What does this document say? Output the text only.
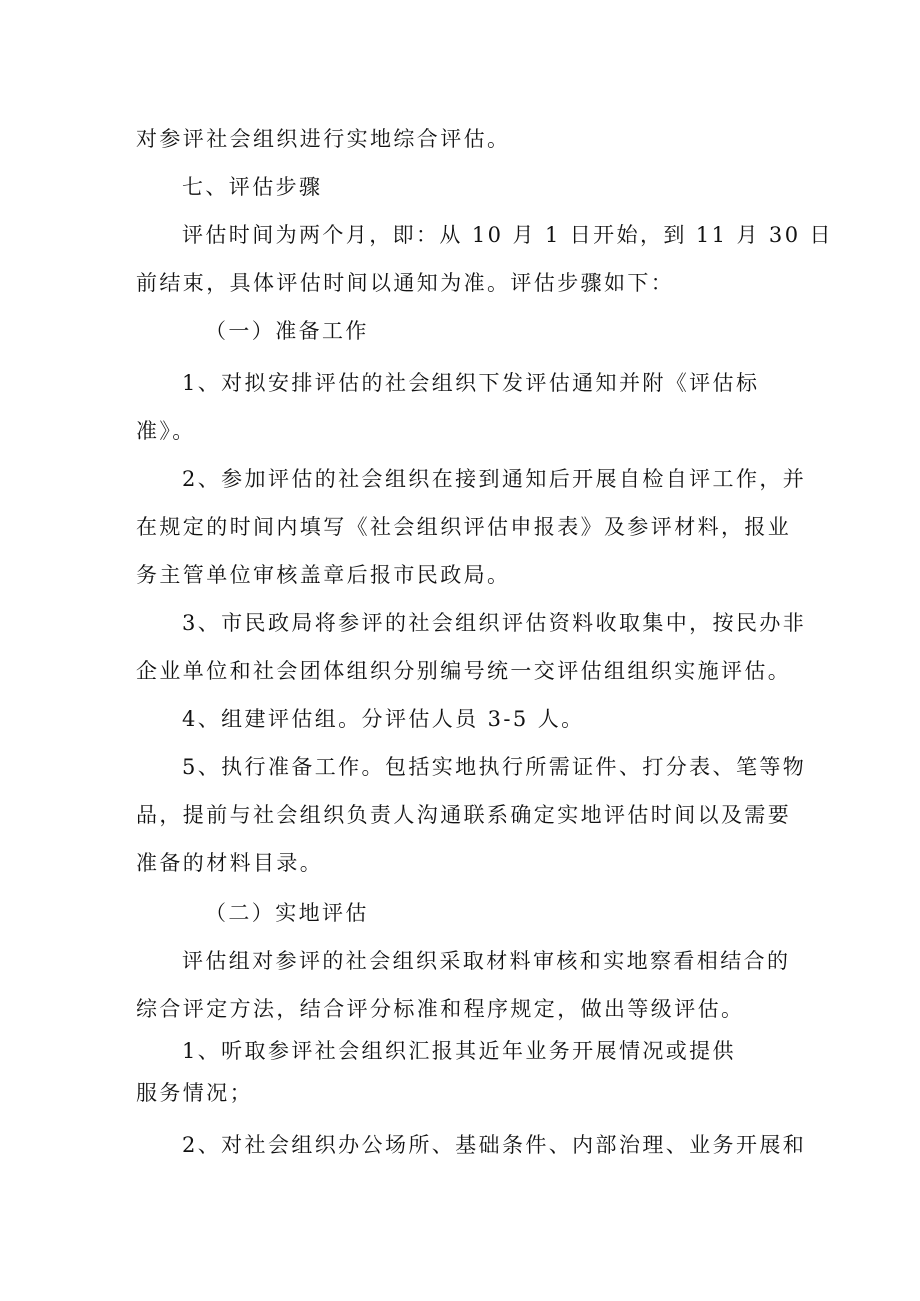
对参评社会组织进行实地综合评估。
七、评估步骤
评估时间为两个月，即：从 10 月 1 日开始，到 11 月 30 日
前结束，具体评估时间以通知为准。评估步骤如下：
（一）准备工作
1、对拟安排评估的社会组织下发评估通知并附《评估标
准》。
2、参加评估的社会组织在接到通知后开展自检自评工作，并
在规定的时间内填写《社会组织评估申报表》及参评材料，报业
务主管单位审核盖章后报市民政局。
3、市民政局将参评的社会组织评估资料收取集中，按民办非
企业单位和社会团体组织分别编号统一交评估组组织实施评估。
4、组建评估组。分评估人员 3-5 人。
5、执行准备工作。包括实地执行所需证件、打分表、笔等物
品，提前与社会组织负责人沟通联系确定实地评估时间以及需要
准备的材料目录。
（二）实地评估
评估组对参评的社会组织采取材料审核和实地察看相结合的
综合评定方法，结合评分标准和程序规定，做出等级评估。
1、听取参评社会组织汇报其近年业务开展情况或提供
服务情况；
2、对社会组织办公场所、基础条件、内部治理、业务开展和
